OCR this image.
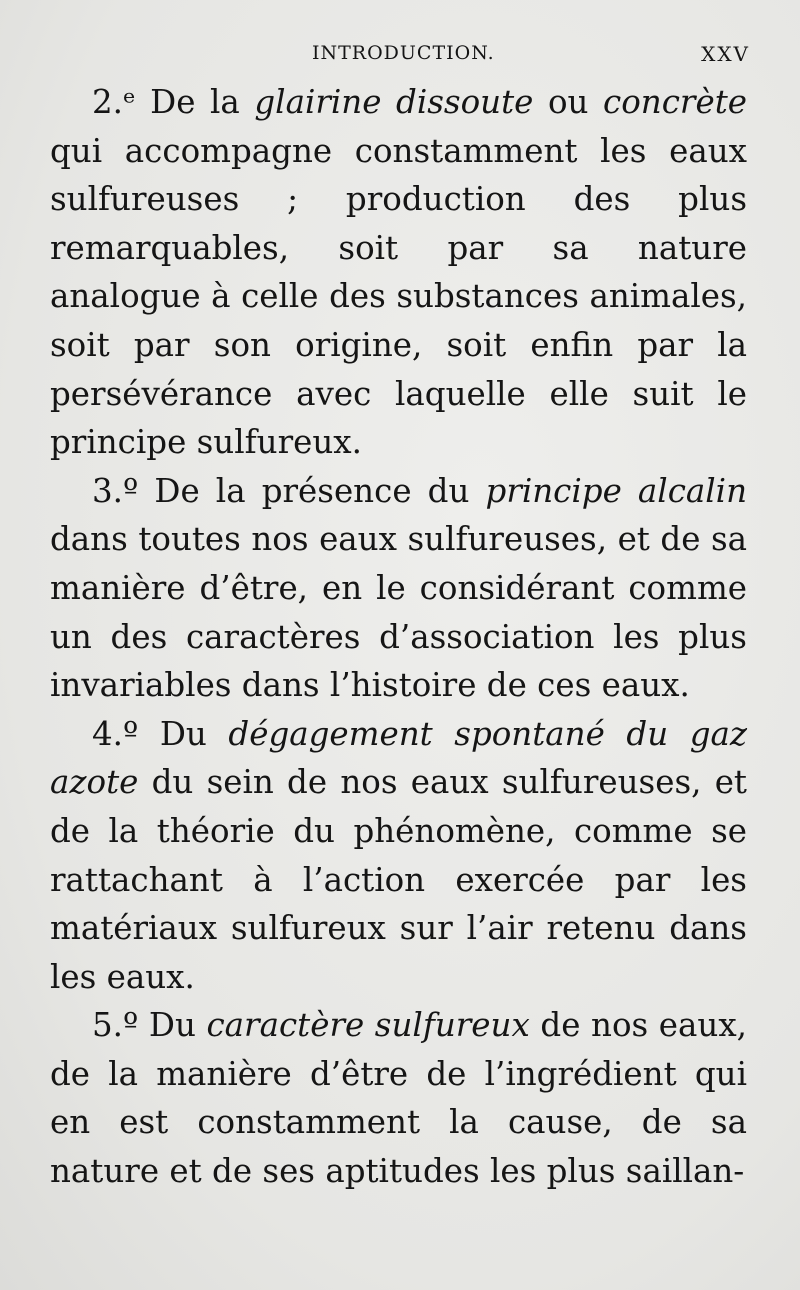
INTRODUCTION.	XXV

2.ᵉ De la glairine dissoute ou concrète qui accompagne constamment les eaux sulfureuses ; production des plus remarquables, soit par sa nature analogue à celle des substances animales, soit par son origine, soit enfin par la persévérance avec laquelle elle suit le principe sulfureux.

3.º De la présence du principe alcalin dans toutes nos eaux sulfureuses, et de sa manière d’être, en le considérant comme un des caractères d’association les plus invariables dans l’histoire de ces eaux.

4.º Du dégagement spontané du gaz azote du sein de nos eaux sulfureuses, et de la théorie du phénomène, comme se rattachant à l’action exercée par les matériaux sulfureux sur l’air retenu dans les eaux.

5.º Du caractère sulfureux de nos eaux, de la manière d’être de l’ingrédient qui en est constamment la cause, de sa nature et de ses aptitudes les plus saillan-
